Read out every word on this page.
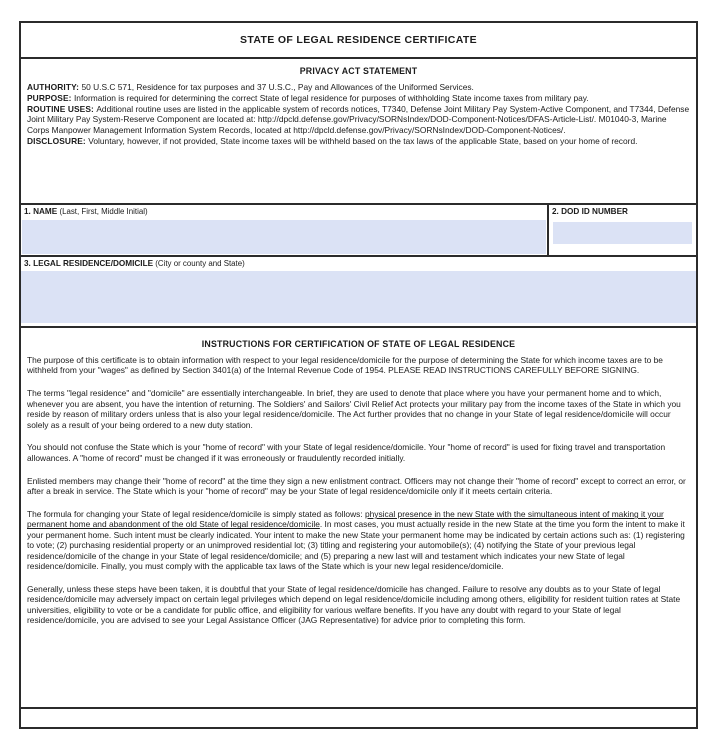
STATE OF LEGAL RESIDENCE CERTIFICATE
PRIVACY ACT STATEMENT

AUTHORITY: 50 U.S.C 571, Residence for tax purposes and 37 U.S.C., Pay and Allowances of the Uniformed Services.

PURPOSE: Information is required for determining the correct State of legal residence for purposes of withholding State income taxes from military pay.

ROUTINE USES: Additional routine uses are listed in the applicable system of records notices, T7340, Defense Joint Military Pay System-Active Component, and T7344, Defense Joint Military Pay System-Reserve Component are located at: http://dpcld.defense.gov/Privacy/SORNsIndex/DOD-Component-Notices/DFAS-Article-List/. M01040-3, Marine Corps Manpower Management Information System Records, located at http://dpcld.defense.gov/Privacy/SORNsIndex/DOD-Component-Notices/.

DISCLOSURE: Voluntary, however, if not provided, State income taxes will be withheld based on the tax laws of the applicable State, based on your home of record.

1. NAME (Last, First, Middle Initial)	2. DOD ID NUMBER
3. LEGAL RESIDENCE/DOMICILE (City or county and State)
INSTRUCTIONS FOR CERTIFICATION OF STATE OF LEGAL RESIDENCE

The purpose of this certificate is to obtain information with respect to your legal residence/domicile for the purpose of determining the State for which income taxes are to be withheld from your "wages" as defined by Section 3401(a) of the Internal Revenue Code of 1954. PLEASE READ INSTRUCTIONS CAREFULLY BEFORE SIGNING.

The terms "legal residence" and "domicile" are essentially interchangeable. In brief, they are used to denote that place where you have your permanent home and to which, whenever you are absent, you have the intention of returning. The Soldiers' and Sailors' Civil Relief Act protects your military pay from the income taxes of the State in which you reside by reason of military orders unless that is also your legal residence/domicile. The Act further provides that no change in your State of legal residence/domicile will occur solely as a result of your being ordered to a new duty station.

You should not confuse the State which is your "home of record" with your State of legal residence/domicile. Your "home of record" is used for fixing travel and transportation allowances. A "home of record" must be changed if it was erroneously or fraudulently recorded initially.

Enlisted members may change their "home of record" at the time they sign a new enlistment contract. Officers may not change their "home of record" except to correct an error, or after a break in service. The State which is your "home of record" may be your State of legal residence/domicile only if it meets certain criteria.

The formula for changing your State of legal residence/domicile is simply stated as follows: physical presence in the new State with the simultaneous intent of making it your permanent home and abandonment of the old State of legal residence/domicile. In most cases, you must actually reside in the new State at the time you form the intent to make it your permanent home. Such intent must be clearly indicated. Your intent to make the new State your permanent home may be indicated by certain actions such as: (1) registering to vote; (2) purchasing residential property or an unimproved residential lot; (3) titling and registering your automobile(s); (4) notifying the State of your previous legal residence/domicile of the change in your State of legal residence/domicile; and (5) preparing a new last will and testament which indicates your new State of legal residence/domicile. Finally, you must comply with the applicable tax laws of the State which is your new legal residence/domicile.

Generally, unless these steps have been taken, it is doubtful that your State of legal residence/domicile has changed. Failure to resolve any doubts as to your State of legal residence/domicile may adversely impact on certain legal privileges which depend on legal residence/domicile including among others, eligibility for resident tuition rates at State universities, eligibility to vote or be a candidate for public office, and eligibility for various welfare benefits. If you have any doubt with regard to your State of legal residence/domicile, you are advised to see your Legal Assistance Officer (JAG Representative) for advice prior to completing this form.
